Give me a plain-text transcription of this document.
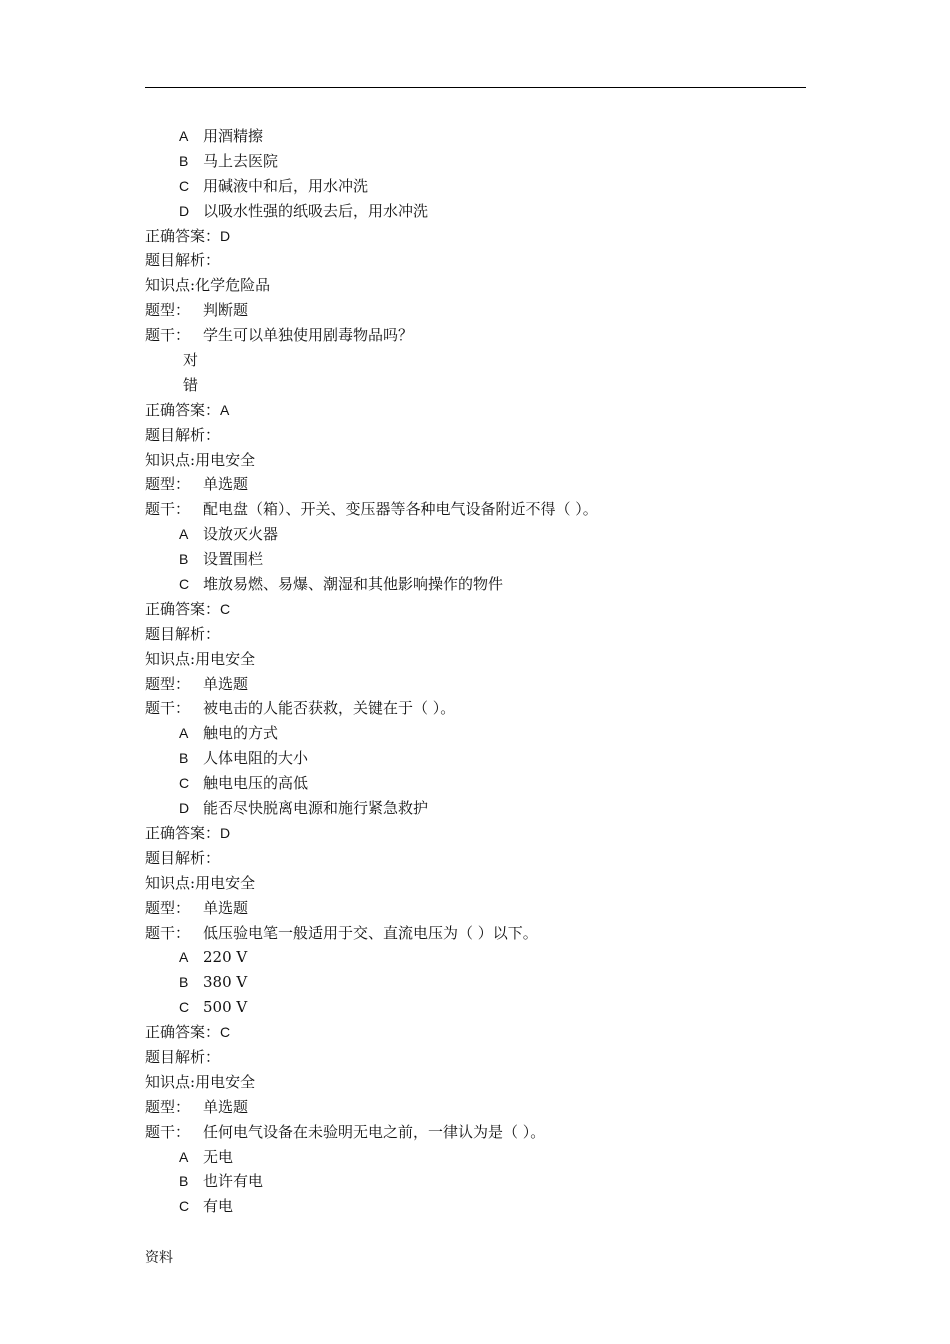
A 用酒精擦
B 马上去医院
C 用碱液中和后，用水冲洗
D 以吸水性强的纸吸去后，用水冲洗
正确答案：D
题目解析：
知识点:化学危险品
题型： 判断题
题干： 学生可以单独使用剧毒物品吗？
对
错
正确答案：A
题目解析：
知识点:用电安全
题型： 单选题
题干： 配电盘（箱）、开关、变压器等各种电气设备附近不得（ ）。
A 设放灭火器
B 设置围栏
C 堆放易燃、易爆、潮湿和其他影响操作的物件
正确答案：C
题目解析：
知识点:用电安全
题型： 单选题
题干： 被电击的人能否获救，关键在于（ ）。
A 触电的方式
B 人体电阻的大小
C 触电电压的高低
D 能否尽快脱离电源和施行紧急救护
正确答案：D
题目解析：
知识点:用电安全
题型： 单选题
题干： 低压验电笔一般适用于交、直流电压为（ ）以下。
A 220 V
B 380 V
C 500 V
正确答案：C
题目解析：
知识点:用电安全
题型： 单选题
题干： 任何电气设备在未验明无电之前，一律认为是（ ）。
A 无电
B 也许有电
C 有电
资料
